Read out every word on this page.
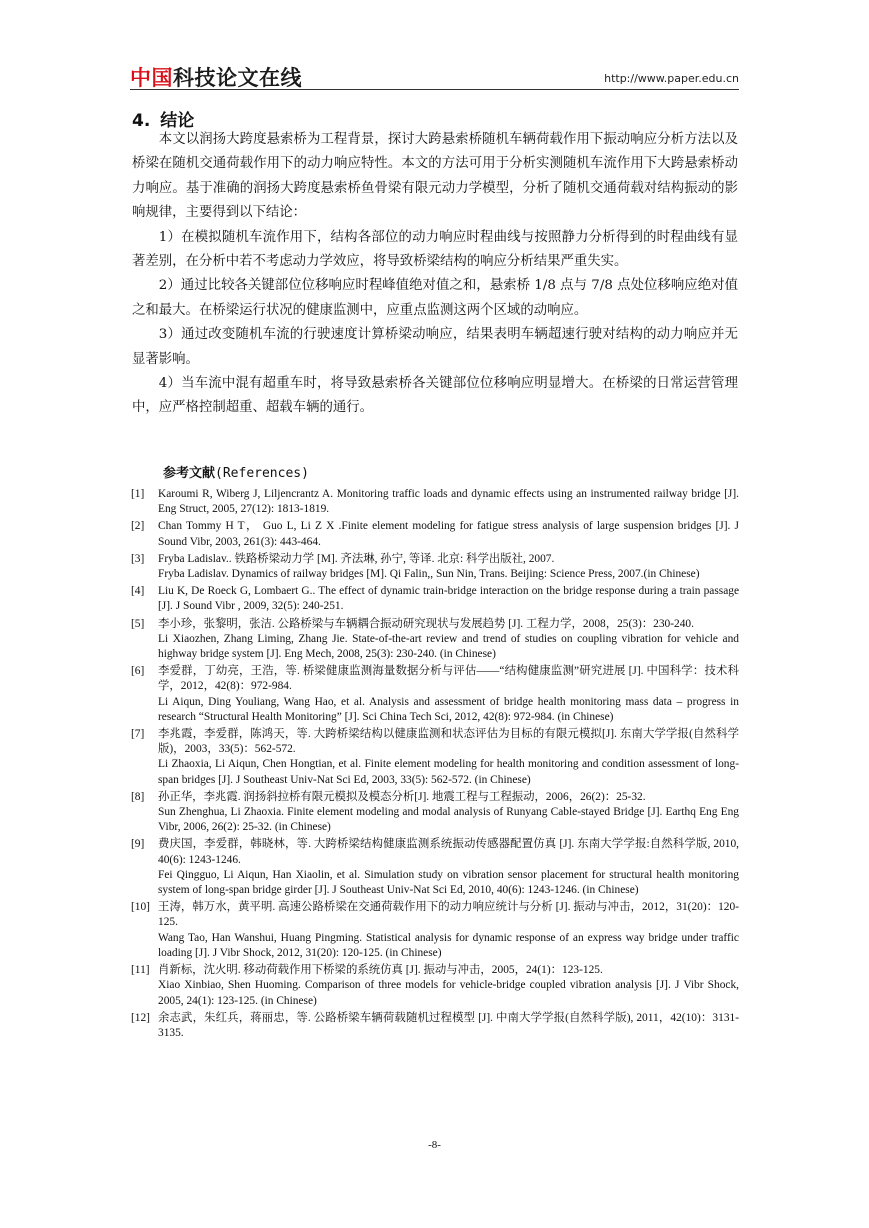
中国科技论文在线	http://www.paper.edu.cn
4. 结论

本文以润扬大跨度悬索桥为工程背景，探讨大跨悬索桥随机车辆荷载作用下振动响应分析方法以及桥梁在随机交通荷载作用下的动力响应特性。本文的方法可用于分析实测随机车流作用下大跨悬索桥动力响应。基于准确的润扬大跨度悬索桥鱼骨梁有限元动力学模型，分析了随机交通荷载对结构振动的影响规律，主要得到以下结论：

1）在模拟随机车流作用下，结构各部位的动力响应时程曲线与按照静力分析得到的时程曲线有显著差别，在分析中若不考虑动力学效应，将导致桥梁结构的响应分析结果严重失实。

2）通过比较各关键部位位移响应时程峰值绝对值之和，悬索桥 1/8 点与 7/8 点处位移响应绝对值之和最大。在桥梁运行状况的健康监测中，应重点监测这两个区域的动响应。

3）通过改变随机车流的行驶速度计算桥梁动响应，结果表明车辆超速行驶对结构的动力响应并无显著影响。

4）当车流中混有超重车时，将导致悬索桥各关键部位位移响应明显增大。在桥梁的日常运营管理中，应严格控制超重、超载车辆的通行。

参考文献(References)
[1] Karoumi R, Wiberg J, Liljencrantz A. Monitoring traffic loads and dynamic effects using an instrumented railway bridge [J]. Eng Struct, 2005, 27(12): 1813-1819.
[2] Chan Tommy H T， Guo L, Li Z X .Finite element modeling for fatigue stress analysis of large suspension bridges [J]. J Sound Vibr, 2003, 261(3): 443-464.
[3] Fryba Ladislav.. 铁路桥梁动力学 [M]. 齐法琳, 孙宁, 等译. 北京: 科学出版社, 2007.
Fryba Ladislav. Dynamics of railway bridges [M]. Qi Falin,, Sun Nin, Trans. Beijing: Science Press, 2007.(in Chinese)
[4] Liu K, De Roeck G, Lombaert G.. The effect of dynamic train-bridge interaction on the bridge response during a train passage [J]. J Sound Vibr , 2009, 32(5): 240-251.
[5] 李小珍，张黎明，张洁. 公路桥梁与车辆耦合振动研究现状与发展趋势 [J]. 工程力学，2008，25(3)：230-240.
Li Xiaozhen, Zhang Liming, Zhang Jie. State-of-the-art review and trend of studies on coupling vibration for vehicle and highway bridge system [J]. Eng Mech, 2008, 25(3): 230-240. (in Chinese)
[6] 李爱群，丁幼亮，王浩，等. 桥梁健康监测海量数据分析与评估——“结构健康监测”研究进展 [J]. 中国科学：技术科学，2012，42(8)：972-984.
Li Aiqun, Ding Youliang, Wang Hao, et al. Analysis and assessment of bridge health monitoring mass data – progress in research “Structural Health Monitoring” [J]. Sci China Tech Sci, 2012, 42(8): 972-984. (in Chinese)
[7] 李兆霞，李爱群，陈鸿天，等. 大跨桥梁结构以健康监测和状态评估为目标的有限元模拟[J]. 东南大学学报(自然科学版)，2003，33(5)：562-572.
Li Zhaoxia, Li Aiqun, Chen Hongtian, et al. Finite element modeling for health monitoring and condition assessment of long-span bridges [J]. J Southeast Univ-Nat Sci Ed, 2003, 33(5): 562-572. (in Chinese)
[8] 孙正华，李兆霞. 润扬斜拉桥有限元模拟及模态分析[J]. 地震工程与工程振动，2006，26(2)：25-32.
Sun Zhenghua, Li Zhaoxia. Finite element modeling and modal analysis of Runyang Cable-stayed Bridge [J]. Earthq Eng Eng Vibr, 2006, 26(2): 25-32. (in Chinese)
[9] 费庆国，李爱群，韩晓林，等. 大跨桥梁结构健康监测系统振动传感器配置仿真 [J]. 东南大学学报:自然科学版, 2010, 40(6): 1243-1246.
Fei Qingguo, Li Aiqun, Han Xiaolin, et al. Simulation study on vibration sensor placement for structural health monitoring system of long-span bridge girder [J]. J Southeast Univ-Nat Sci Ed, 2010, 40(6): 1243-1246. (in Chinese)
[10] 王涛，韩万水，黄平明. 高速公路桥梁在交通荷载作用下的动力响应统计与分析 [J]. 振动与冲击，2012，31(20)：120-125.
Wang Tao, Han Wanshui, Huang Pingming. Statistical analysis for dynamic response of an express way bridge under traffic loading [J]. J Vibr Shock, 2012, 31(20): 120-125. (in Chinese)
[11] 肖新标，沈火明. 移动荷载作用下桥梁的系统仿真 [J]. 振动与冲击，2005，24(1)：123-125.
Xiao Xinbiao, Shen Huoming. Comparison of three models for vehicle-bridge coupled vibration analysis [J]. J Vibr Shock, 2005, 24(1): 123-125. (in Chinese)
[12] 余志武，朱红兵，蒋丽忠，等. 公路桥梁车辆荷载随机过程模型 [J]. 中南大学学报(自然科学版), 2011，42(10)：3131-3135.
-8-
